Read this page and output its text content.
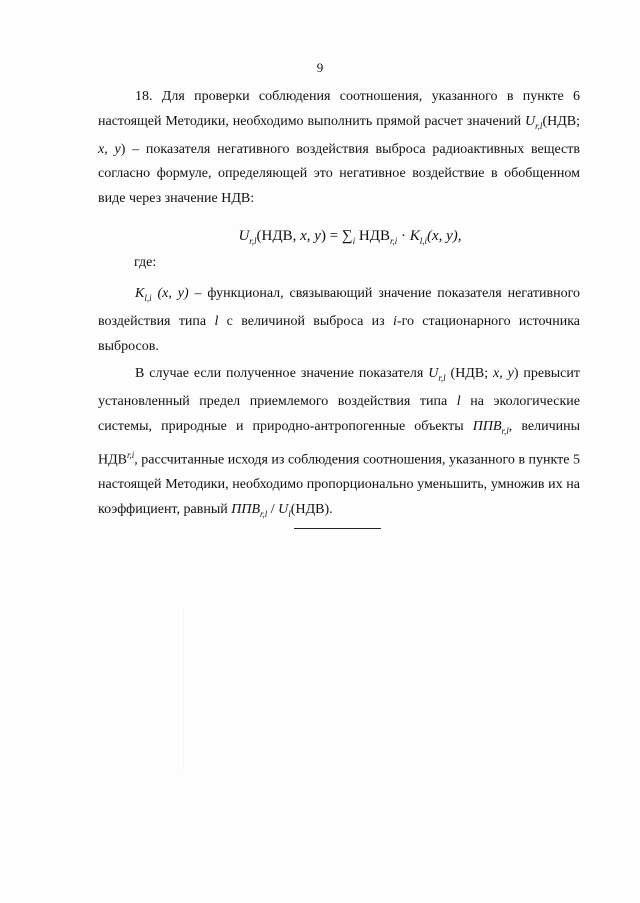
9

18. Для проверки соблюдения соотношения, указанного в пункте 6 настоящей Методики, необходимо выполнить прямой расчет значений $U_{r,l}(НДВ$; x, y) – показателя негативного воздействия выброса радиоактивных веществ согласно формуле, определяющей это негативное воздействие в обобщенном виде через значение НДВ:

$U_{r,l}(НДВ$, x, $y) = \sum_i$ $НДВ_{r,i} \cdot K_{l,i}(x$, y),
где:

$K_{l,i}$ (x, y) – функционал, связывающий значение показателя негативного воздействия типа l с величиной выброса из i-го стационарного источника выбросов.

В случае если полученное значение показателя $U_{r,l}$ (НДВ; x, y) превысит установленный предел приемлемого воздействия типа l на экологические системы, природные и природно-антропогенные объекты $ППВ_{r,l}$, величины НДВ$^{r,i}$, рассчитанные исходя из соблюдения соотношения, указанного в пункте 5 настоящей Методики, необходимо пропорционально уменьшить, умножив их на коэффициент, равный $ППВ_{r,l} / U_l(НДВ)$.
